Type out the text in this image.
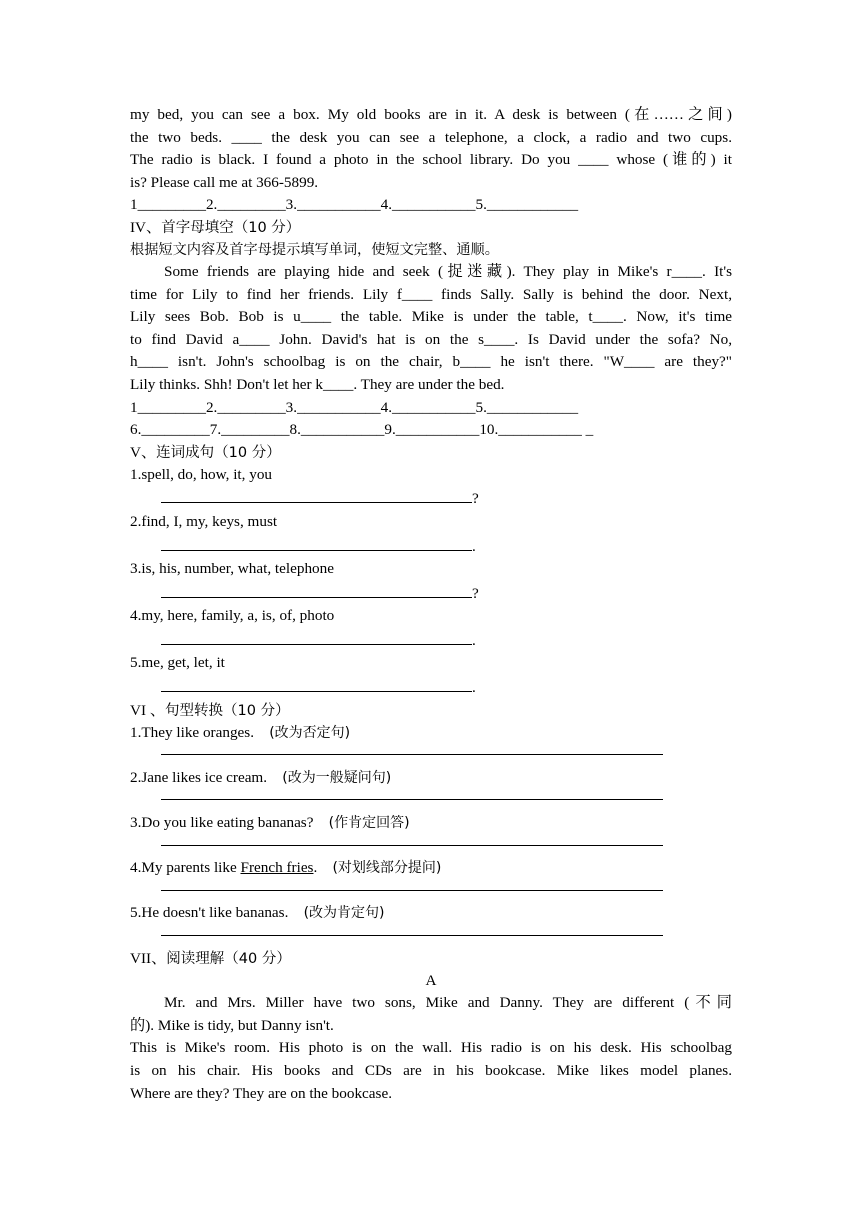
my bed, you can see a box. My old books are in it. A desk is between (在……之间)

the two beds. ____ the desk you can see a telephone, a clock, a radio and two cups.

The radio is black. I found a photo in the school library. Do you ____ whose (谁的) it

is? Please call me at 366-5899.

1_________2._________3.___________4.___________5.____________

IV、首字母填空（10 分）

根据短文内容及首字母提示填写单词，使短文完整、通顺。

Some friends are playing hide and seek (捉迷藏). They play in Mike's r____. It's

time for Lily to find her friends. Lily f____ finds Sally. Sally is behind the door. Next,

Lily sees Bob. Bob is u____ the table. Mike is under the table, t____. Now, it's time

to find David a____ John. David's hat is on the s____. Is David under the sofa? No,

h____ isn't. John's schoolbag is on the chair, b____ he isn't there. "W____ are they?"

Lily thinks. Shh! Don't let her k____. They are under the bed.

1_________2._________3.___________4.___________5.____________

6._________7._________8.___________9.___________10.___________ _

V、连词成句（10 分）

1.spell, do, how, it, you

?

2.find, I, my, keys, must

.

3.is, his, number, what, telephone

?

4.my, here, family, a, is, of, photo

.

5.me, get, let, it

.

VI 、句型转换（10 分）

1.They like oranges. (改为否定句)

2.Jane likes ice cream. (改为一般疑问句)

3.Do you like eating bananas? (作肯定回答)

4.My parents like French fries. (对划线部分提问)

5.He doesn't like bananas. (改为肯定句)

VII、阅读理解（40 分）

A

Mr. and Mrs. Miller have two sons, Mike and Danny. They are different (不同

的). Mike is tidy, but Danny isn't.

This is Mike's room. His photo is on the wall. His radio is on his desk. His schoolbag

is on his chair. His books and CDs are in his bookcase. Mike likes model planes.

Where are they? They are on the bookcase.
